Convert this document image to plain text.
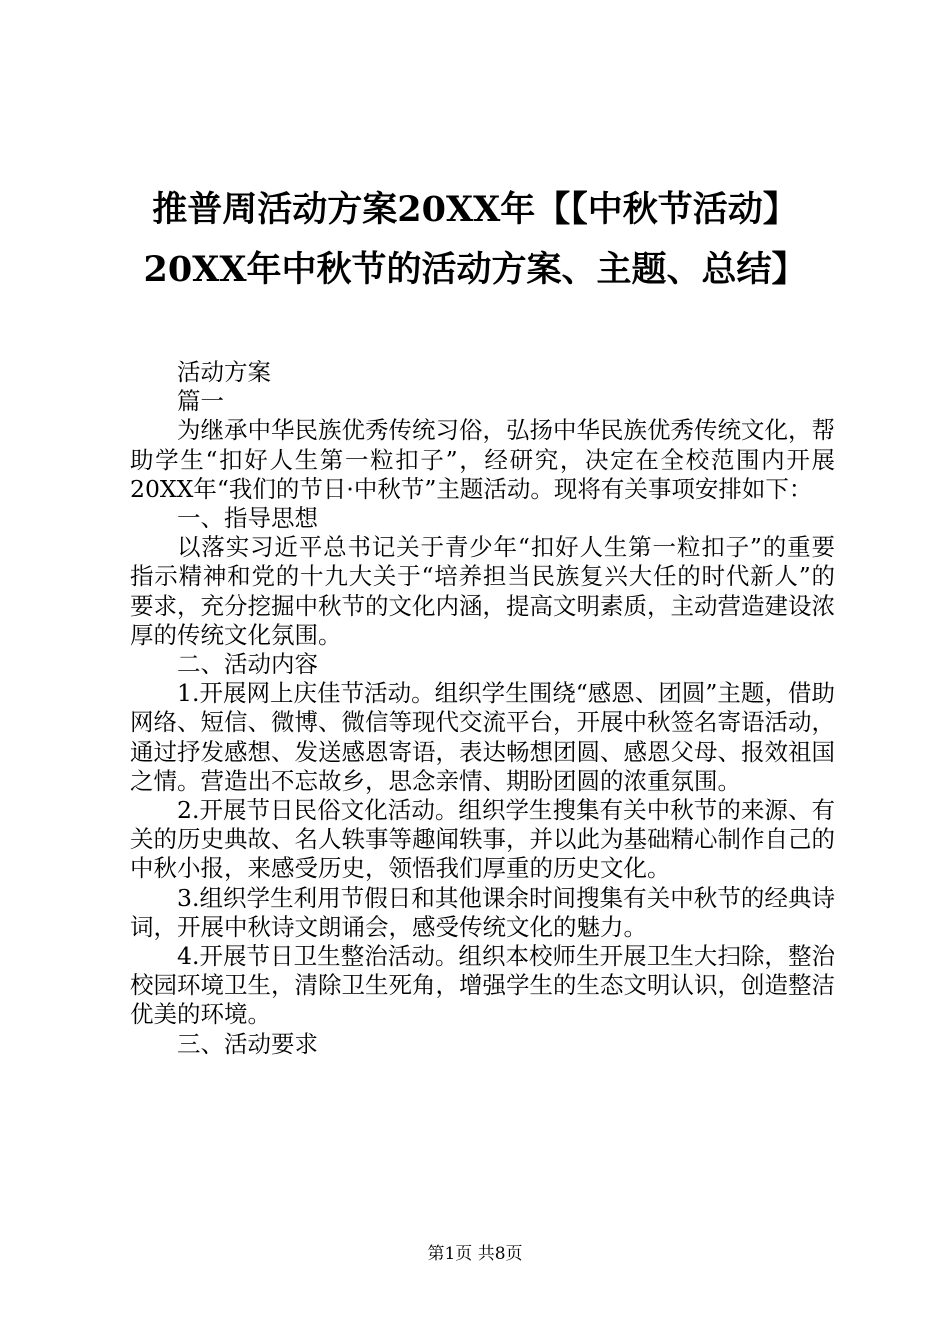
推普周活动方案20XX年【【中秋节活动】20XX年中秋节的活动方案、主题、总结】

活动方案

篇一

为继承中华民族优秀传统习俗，弘扬中华民族优秀传统文化，帮助学生“扣好人生第一粒扣子”，经研究，决定在全校范围内开展20XX年“我们的节日·中秋节”主题活动。现将有关事项安排如下：

一、指导思想

以落实习近平总书记关于青少年“扣好人生第一粒扣子”的重要指示精神和党的十九大关于“培养担当民族复兴大任的时代新人”的要求，充分挖掘中秋节的文化内涵，提高文明素质，主动营造建设浓厚的传统文化氛围。

二、活动内容

1.开展网上庆佳节活动。组织学生围绕“感恩、团圆”主题，借助网络、短信、微博、微信等现代交流平台，开展中秋签名寄语活动，通过抒发感想、发送感恩寄语，表达畅想团圆、感恩父母、报效祖国之情。营造出不忘故乡，思念亲情、期盼团圆的浓重氛围。

2.开展节日民俗文化活动。组织学生搜集有关中秋节的来源、有关的历史典故、名人轶事等趣闻轶事，并以此为基础精心制作自己的中秋小报，来感受历史，领悟我们厚重的历史文化。

3.组织学生利用节假日和其他课余时间搜集有关中秋节的经典诗词，开展中秋诗文朗诵会，感受传统文化的魅力。

4.开展节日卫生整治活动。组织本校师生开展卫生大扫除，整治校园环境卫生，清除卫生死角，增强学生的生态文明认识，创造整洁优美的环境。

三、活动要求

第1页 共8页
